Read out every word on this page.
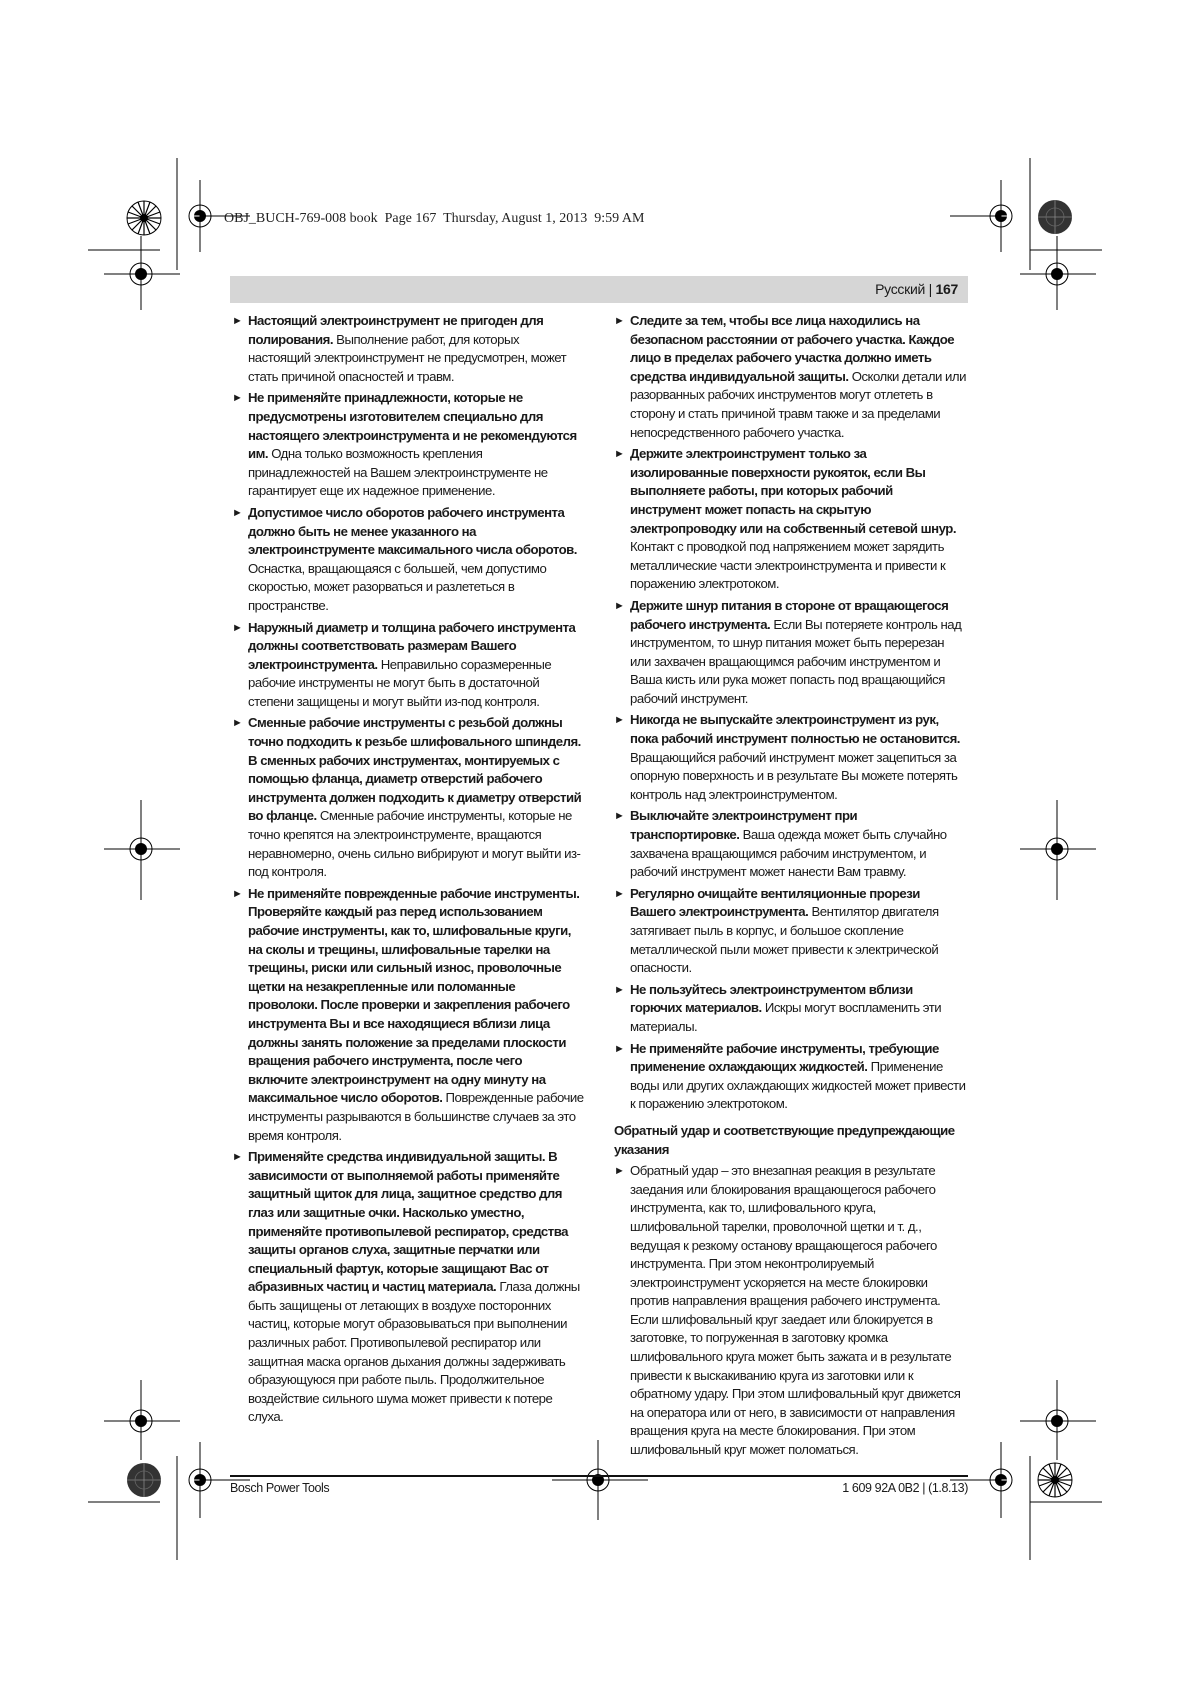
OBJ_BUCH-769-008 book  Page 167  Thursday, August 1, 2013  9:59 AM
Русский | 167
► Настоящий электроинструмент не пригоден для полирования. Выполнение работ, для которых настоящий электроинструмент не предусмотрен, может стать причиной опасностей и травм.
► Не применяйте принадлежности, которые не предусмотрены изготовителем специально для настоящего электроинструмента и не рекомендуются им. Одна только возможность крепления принадлежностей на Вашем электроинструменте не гарантирует еще их надежное применение.
► Допустимое число оборотов рабочего инструмента должно быть не менее указанного на электроинструменте максимального числа оборотов. Оснастка, вращающаяся с большей, чем допустимо скоростью, может разорваться и разлететься в пространстве.
► Наружный диаметр и толщина рабочего инструмента должны соответствовать размерам Вашего электроинструмента. Неправильно соразмеренные рабочие инструменты не могут быть в достаточной степени защищены и могут выйти из-под контроля.
► Сменные рабочие инструменты с резьбой должны точно подходить к резьбе шлифовального шпинделя. В сменных рабочих инструментах, монтируемых с помощью фланца, диаметр отверстий рабочего инструмента должен подходить к диаметру отверстий во фланце. Сменные рабочие инструменты, которые не точно крепятся на электроинструменте, вращаются неравномерно, очень сильно вибрируют и могут выйти из-под контроля.
► Не применяйте поврежденные рабочие инструменты. Проверяйте каждый раз перед использованием рабочие инструменты, как то, шлифовальные круги, на сколы и трещины, шлифовальные тарелки на трещины, риски или сильный износ, проволочные щетки на незакрепленные или поломанные проволоки. После проверки и закрепления рабочего инструмента Вы и все находящиеся вблизи лица должны занять положение за пределами плоскости вращения рабочего инструмента, после чего включите электроинструмент на одну минуту на максимальное число оборотов. Поврежденные рабочие инструменты разрываются в большинстве случаев за это время контроля.
► Применяйте средства индивидуальной защиты. В зависимости от выполняемой работы применяйте защитный щиток для лица, защитное средство для глаз или защитные очки. Насколько уместно, применяйте противопылевой респиратор, средства защиты органов слуха, защитные перчатки или специальный фартук, которые защищают Вас от абразивных частиц и частиц материала. Глаза должны быть защищены от летающих в воздухе посторонних частиц, которые могут образовываться при выполнении различных работ. Противопылевой респиратор или защитная маска органов дыхания должны задерживать образующуюся при работе пыль. Продолжительное воздействие сильного шума может привести к потере слуха.
► Следите за тем, чтобы все лица находились на безопасном расстоянии от рабочего участка. Каждое лицо в пределах рабочего участка должно иметь средства индивидуальной защиты. Осколки детали или разорванных рабочих инструментов могут отлететь в сторону и стать причиной травм также и за пределами непосредственного рабочего участка.
► Держите электроинструмент только за изолированные поверхности рукояток, если Вы выполняете работы, при которых рабочий инструмент может попасть на скрытую электропроводку или на собственный сетевой шнур. Контакт с проводкой под напряжением может зарядить металлические части электроинструмента и привести к поражению электротоком.
► Держите шнур питания в стороне от вращающегося рабочего инструмента. Если Вы потеряете контроль над инструментом, то шнур питания может быть перерезан или захвачен вращающимся рабочим инструментом и Ваша кисть или рука может попасть под вращающийся рабочий инструмент.
► Никогда не выпускайте электроинструмент из рук, пока рабочий инструмент полностью не остановится. Вращающийся рабочий инструмент может зацепиться за опорную поверхность и в результате Вы можете потерять контроль над электроинструментом.
► Выключайте электроинструмент при транспортировке. Ваша одежда может быть случайно захвачена вращающимся рабочим инструментом, и рабочий инструмент может нанести Вам травму.
► Регулярно очищайте вентиляционные прорези Вашего электроинструмента. Вентилятор двигателя затягивает пыль в корпус, и большое скопление металлической пыли может привести к электрической опасности.
► Не пользуйтесь электроинструментом вблизи горючих материалов. Искры могут воспламенить эти материалы.
► Не применяйте рабочие инструменты, требующие применение охлаждающих жидкостей. Применение воды или других охлаждающих жидкостей может привести к поражению электротоком.
Обратный удар и соответствующие предупреждающие указания
► Обратный удар – это внезапная реакция в результате заедания или блокирования вращающегося рабочего инструмента, как то, шлифовального круга, шлифовальной тарелки, проволочной щетки и т. д., ведущая к резкому останову вращающегося рабочего инструмента. При этом неконтролируемый электроинструмент ускоряется на месте блокировки против направления вращения рабочего инструмента.
Если шлифовальный круг заедает или блокируется в заготовке, то погруженная в заготовку кромка шлифовального круга может быть зажата и в результате привести к выскакиванию круга из заготовки или к обратному удару. При этом шлифовальный круг движется на оператора или от него, в зависимости от направления вращения круга на месте блокирования. При этом шлифовальный круг может поломаться.
Bosch Power Tools	1 609 92A 0B2 | (1.8.13)
